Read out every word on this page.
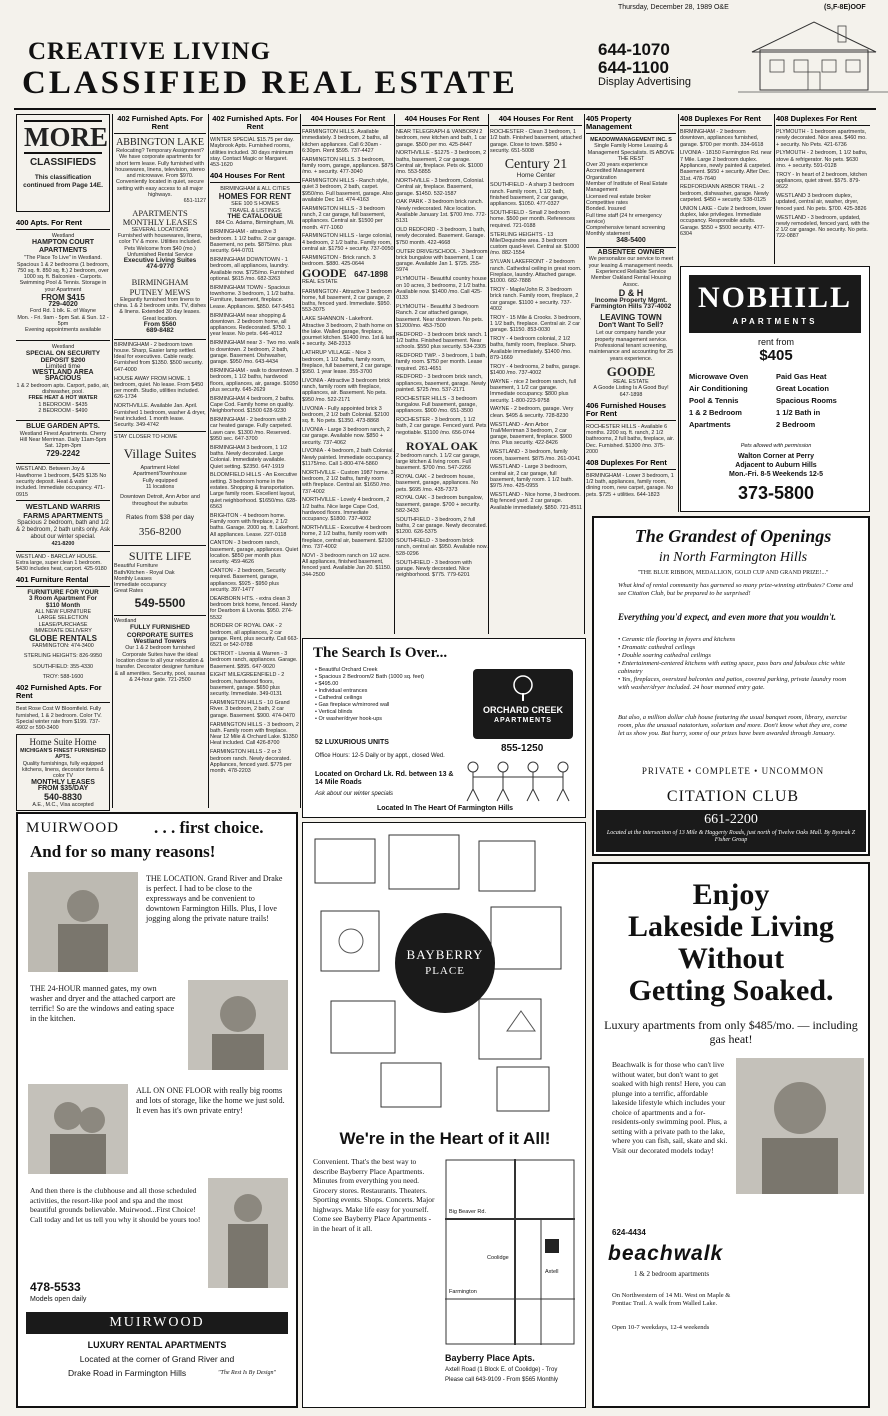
Thursday, December 28, 1989 O&E	(S,F-8E)OOF
CREATIVE LIVING
CLASSIFIED REAL ESTATE
644-1070
644-1100
Display Advertising
MORE
CLASSIFIEDS
This classification continued from Page 14E.
400 Apts. For Rent
Westland
HAMPTON COURT APARTMENTS
"The Place To Live" in Westland. Spacious 1 & 2 bedrooms (1 bedroom, 750 sq. ft. 850 sq. ft.) 2 bedroom, over 1000 sq. ft. Balconies - Carports. Swimming Pool & Tennis. Storage in your Apartment
FROM $415
729-4020
Ford Rd. 1 blk. E. of Wayne
Mon. - Fri. 9am - 5pm Sat. & Sun. 12 - 5pm
Evening appointments available
Westland
SPECIAL ON SECURITY DEPOSIT $200
Limited time
WESTLAND AREA
SPACIOUS
1 & 2 bedroom apts. Carport, patio, air, dishwasher, pool.
FREE HEAT & HOT WATER
1 BEDROOM - $435
2 BEDROOM - $490
BLUE GARDEN APTS.
Westland Finest Apartments. Cherry Hill Near Merriman. Daily 11am-5pm Sat. 12pm-3pm
729-2242

WESTLAND. Between Joy & Hawthorne 1 bedroom, $425 $135 No security deposit. Heat & water included. Immediate occupancy. 471-0915

WESTLAND WARRIS FARMS APARTMENTS
Spacious 2 bedroom, bath and 1/2 & 2 bedroom, 2 bath units only. Ask about our winter special.
421-8200

WESTLAND - BARCLAY HOUSE. Extra large, super clean 1 bedroom. $430 includes heat, carport. 425-9180

401 Furniture Rental
FURNITURE FOR YOUR
3 Room Apartment For
$110 Month
ALL NEW FURNITURE
LARGE SELECTION
LEASE/PURCHASE
IMMEDIATE DELIVERY
GLOBE RENTALS
FARMINGTON: 474-3400
STERLING HEIGHTS: 826-9950
SOUTHFIELD: 355-4330
TROY: 588-1600
402 Furnished Apts. For Rent

Best Rose Cost W Bloomfield. Fully furnished, 1 & 2 bedroom. Color TV. Special winter rate from $199. 737-4902 or 590-3400

Home Suite Home
MICHIGAN'S FINEST FURNISHED APTS.
Quality furnishings, fully equipped kitchens, linens, decorator items & color TV
MONTHLY LEASES
FROM $35/DAY
540-8830
A.E., M.C., Visa accepted
402 Furnished Apts. For Rent
ABBINGTON LAKE
Relocating? Temporary Assignment? We have corporate apartments for short term lease. Fully furnished with housewares, linens, television, stereo and microwave. From $970. Conveniently located in quiet, secure setting with easy access to all major highways.
651-1127
APARTMENTS MONTHLY LEASES
SEVERAL LOCATIONS
Furnished with housewares, linens, color TV & more. Utilities included. Pets Welcome from $40 (mo.)
Unfurnished Rental Service
Executive Living Suites
474-9770
BIRMINGHAM PUTNEY MEWS
Elegantly furnished from linens to china. 1 & 2 bedroom units. TV, dishes & linens. Extended 30 day leases. Great location.
From $560
689-8482

BIRMINGHAM - 2 bedroom town house. Sharp, Easier lamp settled. Ideal for executives. Cable ready. Furnished from $1350. $500 security. 647-4000

HOUSE AWAY FROM HOME. 1 bedroom, quiet. No lease. From $450 per month. Studio, utilities included. 626-1734

NORTHVILLE. Available Jan. April. Furnished 1 bedroom, washer & dryer, heat included. 1 month lease. Security. 349-4742

STAY CLOSER TO HOME
Village Suites
Apartment Hotel
Apartment/Townhouse
Fully equipped
11 locations
Downtown Detroit, Ann Arbor and throughout the suburbs
Rates from $38 per day
356-8200
SUITE LIFE
Beautiful Furniture
Bath/Kitchen - Royal Oak
Monthly Leases
Immediate occupancy
Great Rates
549-5500
Westland
FULLY FURNISHED CORPORATE SUITES
Westland Towers
Our 1 & 2 bedroom furnished Corporate Suites have the ideal location close to all your relocation & transfer. Decorator designer furniture & all amenities. Security, pool, saunas & 24-hour gate. 721-2500
402 Furnished Apts. For Rent

WINTER SPECIAL $15.75 per day. Maybrook Apts. Furnished rooms, utilities included. 30 days minimum stay. Contact Magic or Margaret. 453-1620

404 Houses For Rent
BIRMINGHAM & ALL CITIES
HOMES FOR RENT
SEE 100 S HOMES
TRAVEL & LISTINGS
THE CATALOGUE
884 Co. Adams, Birmingham, Mi.

BIRMINGHAM - attractive 3 bedroom. 1 1/2 baths. 2 car garage. Basement, no pets. $875/mo. plus security. 644-0701

BIRMINGHAM DOWNTOWN - 1 bedroom, all appliances, laundry. Available now. $725/mo. Furnished optional. $615 /mo. 682-3263

BIRMINGHAM TOWN - Spacious townhome. 3 bedroom, 1 1/2 baths. Furniture, basement, fireplace. Lease. Appliances. $850. 647-5451

BIRMINGHAM near shopping & downtown. 2 bedroom home, all appliances. Redecorated. $750. 1 year lease. No pets. 646-4012

BIRMINGHAM near 3 - Two mo. walk to downtown. 2 bedroom, 2 bath, garage. Basement. Dishwasher, garage. $950 /mo. 643-4434

BIRMINGHAM - walk to downtown. 3 bedroom, 1 1/2 baths, hardwood floors, appliances, air, garage. $1050 plus security. 645-2629

BIRMINGHAM 4 bedroom, 2 baths. Cape Cod. Family home on quality. Neighborhood. $1500 628-9230

BIRMINGHAM - 2 bedroom with 2 car heated garage. Fully carpeted. Lawn care. $1300 /mo. Reserved. $950 sec. 647-3700

BIRMINGHAM 3 bedroom, 1 1/2 baths. Newly decorated. Large Colonial. Immediately available. Quiet setting. $2350. 647-1919

BLOOMFIELD HILLS - An Executive setting. 3 bedroom home in the estates. Shopping & transportation. Large family room. Excellent layout, quiet neighborhood. $1650/mo. 628-6563

BRIGHTON - 4 bedroom home. Family room with fireplace, 2 1/2 baths. Garage. 2000 sq. ft. Lakefront. All appliances. Lease. 227-0118

CANTON - 3 bedroom ranch, basement, garage, appliances. Quiet location. $850 per month plus security. 459-4626

CANTON - 2 bedroom, Security required. Basement, garage, appliances. $925 - $950 plus security. 397-1477

DEARBORN HTS. - extra clean 3 bedroom brick home, fenced. Handy for Dearborn & Livonia. $950. 274-5532

BORDER OF ROYAL OAK - 2 bedroom, all appliances, 2 car garage. Rent, plus security. Call 663-6521 or 542-0788

DETROIT - Livonia & Warren - 3 bedroom ranch, appliances. Garage. Basement. $895. 647-9020

EIGHT MILE/GREENFIELD - 2 bedroom, hardwood floors, basement, garage. $650 plus security. Immediate. 349-0131

FARMINGTON HILLS - 10 Grand River. 3 bedroom, 2 bath, 2 car garage. Basement. $900. 474-0470

FARMINGTON HILLS - 3 bedroom, 2 bath. Family room with fireplace. Near 12 Mile & Orchard Lake. $1350 Heat included. Call 426-8700

FARMINGTON HILLS - 2 or 3 bedroom ranch. Newly decorated. Appliances, fenced yard. $775 per month. 478-2203

404 Houses For Rent

FARMINGTON HILLS. Available immediately. 3 bedroom, 2 baths, all kitchen appliances. Call 6:30am - 6:30pm. Rent $595. 737-4427

FARMINGTON HILLS. 3 bedroom, family room, garage, appliances. $875 /mo. + security. 477-3040

FARMINGTON HILLS - Ranch style, quiet 3 bedroom, 2 bath, carpet. $950/mo. Full basement, garage. Also available Dec 1st. 474-4163

FARMINGTON HILLS - 3 bedroom ranch, 2 car garage, full basement, appliances. Central air. $1500 per month. 477-1060

FARMINGTON HILLS - large colonial, 4 bedroom, 2 1/2 baths. Family room, central air. $1750 + security. 737-0050

FARMINGTON - Brick ranch. 3 bedroom. $880. 425-0644

GOODE 647-1898
REAL ESTATE

FARMINGTON - Attractive 3 bedroom home, full basement, 2 car garage, 2 baths, fenced yard. Immediate. $950. 553-3075

LAKE SHANNON - Lakefront. Attractive 3 bedroom, 2 bath home on the lake. Walled garage, fireplace, gourmet kitchen. $1400 /mo. 1st & last + security. 348-2313

LATHRUP VILLAGE - Nice 3 bedroom, 1 1/2 baths, family room, fireplace, full basement, 2 car garage. $950. 1 year lease. 355-3700

LIVONIA - Attractive 3 bedroom brick ranch, family room with fireplace, appliances, air. Basement. No pets. $950 /mo. 522-2171

LIVONIA - Fully appointed brick 3 bedroom, 2 1/2 bath Colonial. $2100 sq. ft. No pets. $1350. 473-8868

LIVONIA - Large 3 bedroom ranch, 2 car garage. Available now. $850 + security. 737-4062

LIVONIA - 4 bedroom, 2 bath Colonial. Newly painted. Immediate occupancy. $1175/mo. Call 1-800-474-5860

NORTHVILLE - Custom 1987 home. 3 bedroom, 2 1/2 baths, family room with fireplace. Central air. $1650 /mo. 737-4002

NORTHVILLE - Lovely 4 bedroom, 2 1/2 baths. Nice large Cape Cod, hardwood floors. Immediate occupancy. $1800. 737-4002

NORTHVILLE - Executive 4 bedroom home, 2 1/2 baths, family room with fireplace, central air, basement. $2100 /mo. 737-4002

NOVI - 3 bedroom ranch on 1/2 acre. All appliances, finished basement, fenced yard. Available Jan 20. $1150. 344-2500

404 Houses For Rent

NEAR TELEGRAPH & VANBORN 2 bedroom, new kitchen and bath, 1 car garage. $500 per mo. 425-8447

NORTHVILLE - $1275 - 3 bedroom, 2 baths, basement, 2 car garage. Central air, fireplace. Pets ok. $1000 /mo. 553-5855

NORTHVILLE - 3 bedroom, Colonial. Central air, fireplace. Basement, garage. $1450. 532-1587

OAK PARK - 3 bedroom brick ranch. Newly redecorated. Nice location. Available January 1st. $700 /mo. 772-5131

OLD REDFORD - 3 bedroom, 1 bath, newly decorated. Basement. Garage. $750 month. 422-4668

OUTER DRIVE/SCHOOL - 3 bedroom brick bungalow with basement, 1 car garage. Available Jan 1. $725. 255-5974

PLYMOUTH - Beautiful country house on 10 acres, 3 bedrooms, 2 1/2 baths. Available now. $1400 /mo. Call 425-0133

PLYMOUTH - Beautiful 3 bedroom Ranch. 2 car attached garage, basement. Near downtown. No pets. $1200/mo. 453-7500

REDFORD - 3 bedroom brick ranch. 1 1/2 baths. Finished basement. Near schools. $550 plus security. 534-2305

REDFORD TWP. - 3 bedroom, 1 bath, family room. $750 per month. Lease required. 261-4651

REDFORD - 3 bedroom brick ranch, appliances, basement, garage. Newly painted. $725 /mo. 537-2171

ROCHESTER HILLS - 3 bedroom bungalow. Full basement, garage, appliances. $900 /mo. 651-3500

ROCHESTER - 3 bedroom, 1 1/2 bath, 2 car garage. Fenced yard. Pets negotiable. $1100 /mo. 656-0744

ROYAL OAK

2 bedroom ranch. 1 1/2 car garage, large kitchen & living room. Full basement. $700 /mo. 547-2266

ROYAL OAK - 2 bedroom house, basement, garage, appliances. No pets. $695 /mo. 435-7373

ROYAL OAK - 3 bedroom bungalow, basement, garage. $700 + security. 582-3433

SOUTHFIELD - 3 bedroom, 2 full baths, 2 car garage. Newly decorated. $1200. 626-5375

SOUTHFIELD - 3 bedroom brick ranch, central air. $950. Available now. 528-0296

SOUTHFIELD - 3 bedroom with garage. Newly decorated. Nice neighborhood. $775. 779-6201

404 Houses For Rent

ROCHESTER - Clean 3 bedroom, 1 1/2 bath. Finished basement, attached garage. Close to town. $850 + security. 651-5008

Century 21
Home Center

SOUTHFIELD - A sharp 3 bedroom ranch. Family room, 1 1/2 bath, finished basement, 2 car garage, appliances. $1050. 477-0327

SOUTHFIELD - Small 2 bedroom home. $500 per month. References required. 721-0188

STERLING HEIGHTS - 13 Mile/Dequindre area. 3 bedroom custom quad-level. Central air. $1000 /mo. 882-1554

SYLVAN LAKEFRONT - 2 bedroom ranch. Cathedral ceiling in great room. Fireplace, laundry. Attached garage. $1000. 682-7888

TROY - Maple/John R. 3 bedroom brick ranch. Family room, fireplace, 2 car garage. $1100 + security. 737-4002

TROY - 15 Mile & Crooks. 3 bedroom, 1 1/2 bath, fireplace. Central air. 2 car garage. $1150. 853-0030

TROY - 4 bedroom colonial, 2 1/2 baths, family room, fireplace. Sharp. Available immediately. $1400 /mo. 879-1669

TROY - 4 bedrooms, 2 baths, garage. $1400 /mo. 737-4002

WAYNE - nice 2 bedroom ranch, full basement, 1 1/2 car garage. Immediate occupancy. $800 plus security. 1-800-223-9758

WAYNE - 2 bedroom, garage. Very clean. $495 & security. 728-8230

WESTLAND - Ann Arbor Trail/Merriman 3 bedroom, 2 car garage, basement, fireplace. $900 /mo. Plus security. 422-8426

WESTLAND - 3 bedroom, family room, basement. $875 /mo. 261-0041

WESTLAND - Large 3 bedroom, central air, 2 car garage, full basement, family room. 1 1/2 bath. $975 /mo. 425-0955

WESTLAND - Nice home, 3 bedroom. Big fenced yard. 2 car garage. Available immediately. $850. 721-8511

405 Property Management
MEADOWMANAGEMENT INC. S
Single Family Home Leasing & Management Specialists. IS ABOVE THE REST
Over 20 years experience
Accredited Management Organization
Member of Institute of Real Estate Management
Licensed real estate broker
Competitive rates
Bonded. Insured
Full time staff (24 hr emergency service)
Comprehensive tenant screening
Monthly statement
348-5400
ABSENTEE OWNER
We personalize our service to meet your leasing & management needs.
Experienced Reliable Service
Member Oakland Rental Housing Assoc.
D & H
Income Property Mgmt.
Farmington Hills 737-4002
LEAVING TOWN
Don't Want To Sell?
Let our company handle your property management service. Professional tenant screening, maintenance and accounting for 25 years experience.
GOODE
REAL ESTATE
A Goode Listing Is A Good Buy!
647-1898
406 Furnished Houses For Rent

ROCHESTER HILLS - Available 6 months. 2200 sq. ft. ranch, 2 1/2 bathrooms, 2 full baths, fireplace, air. Dec. Furnished. $1300 /mo. 375-2000

408 Duplexes For Rent

BIRMINGHAM - Lower 3 bedroom, 1 1/2 bath, appliances, family room, dining room, new carpet, garage. No pets. $725 + utilities. 644-1823

408 Duplexes For Rent

BIRMINGHAM - 2 bedroom downtown, appliances furnished, garage. $700 per month. 334-6618

LIVONIA - 18150 Farmington Rd. near 7 Mile. Large 2 bedroom duplex. Appliances, newly painted & carpeted. Basement. $650 + security. After Dec. 31st. 478-7640

REDFORD/ANN ARBOR TRAIL - 2 bedroom, dishwasher, garage. Newly carpeted. $450 + security. 538-0125

UNION LAKE - Cute 2 bedroom, lower duplex, lake privileges. Immediate occupancy. Responsible adults. Garage. $550 + $500 security. 477-6304

408 Duplexes For Rent

PLYMOUTH - 1 bedroom apartments, newly decorated. Nice area. $460 mo. + security. No Pets. 421-6736

PLYMOUTH - 2 bedroom, 1 1/2 baths, stove & refrigerator. No pets. $630 /mo. + security. 591-0128

TROY - In heart of 2 bedroom, kitchen appliances, quiet street. $575. 879-9622

WESTLAND 3 bedroom duplex, updated, central air, washer, dryer, fenced yard. No pets. $700. 425-3826

WESTLAND - 3 bedroom, updated, newly remodeled, fenced yard, with the 2 1/2 car garage. No security. No pets. 722-0887

NOBHILL
APARTMENTS
rent from
$405
Microwave Oven	Paid Gas Heat
Air Conditioning	Great Location
Pool & Tennis	Spacious Rooms
1 & 2 Bedroom	1 1/2 Bath in
Apartments	2 Bedroom
Pets allowed with permission
Walton Corner at Perry
Adjacent to Auburn Hills
Mon.-Fri. 8-5 Weekends 12-5
373-5800
The Search Is Over...
• Beautiful Orchard Creek
• Spacious 2 Bedroom/2 Bath (1000 sq. feet)
• $495.00
• Individual entrances
• Cathedral ceilings
• Gas fireplace w/mirrored wall
• Vertical blinds
• Or washer/dryer hook-ups
52 LUXURIOUS UNITS
Office Hours: 12-5 Daily or by appt., closed Wed.
Located on Orchard Lk. Rd. between 13 & 14 Mile Roads
Ask about our winter specials
ORCHARD CREEK
APARTMENTS
855-1250
Located In The Heart Of Farmington Hills
The Grandest of Openings
in North Farmington Hills
"THE BLUE RIBBON, MEDALLION, GOLD CUP AND GRAND PRIZE!..."
What kind of rental community has garnered so many prize-winning attributes? Come and see Citation Club, but be prepared to be surprised!
Everything you'd expect, and even more that you wouldn't.
• Ceramic tile flooring in foyers and kitchens
• Dramatic cathedral ceilings
• Double soaring cathedral ceilings
• Entertainment-centered kitchens with eating space, pass bars and fabulous chic white cabinetry
• Yes, fireplaces, oversized balconies and patios, covered parking, private laundry room with washer/dryer included. 24 hour manned entry gate.
But also, a million dollar club house featuring the usual banquet room, library, exercise room, plus the unusual natatorium, solarium and more. Don't know what they are, come let us show you. But hurry, some of our prizes have been awarded through January.
PRIVATE • COMPLETE • UNCOMMON
CITATION CLUB
661-2200
Located at the intersection of 13 Mile & Haggerty Roads, just north of Twelve Oaks Mall. By Bystrak Z Fisher Group
MUIRWOOD	. . . first choice.
And for so many reasons!
THE LOCATION. Grand River and Drake is perfect. I had to be close to the expressways and be convenient to downtown Farmington Hills. Plus, I love jogging along the private nature trails!
THE 24-HOUR manned gates, my own washer and dryer and the attached carport are terrific! So are the windows and eating space in the kitchen.
ALL ON ONE FLOOR with really big rooms and lots of storage, like the home we just sold. It even has it's own private entry!
And then there is the clubhouse and all those scheduled activities, the resort-like pool and spa and the most beautiful grounds believable. Muirwood...First Choice! Call today and let us tell you why it should be yours too!
478-5533
Models open daily
MUIRWOOD
LUXURY RENTAL APARTMENTS
Located at the corner of Grand River and
Drake Road in Farmington Hills	"The Rest Is By Design"
BAYBERRY
PLACE
We're in the Heart of it All!
Convenient. That's the best way to describe Bayberry Place Apartments. Minutes from everything you need. Grocery stores. Restaurants. Theaters. Sporting events. Shops. Concerts. Major highways. Make life easy for yourself. Come see Bayberry Place Apartments - in the heart of it all.
Big Beaver Rd.
Coolidge
Axtell
Farmington
Bayberry Place Apts.
Axtell Road (1 Block E. of Coolidge) - Troy
Please call 643-9109 - From $565 Monthly
Enjoy
Lakeside Living
Without
Getting Soaked.
Luxury apartments from only $485/mo. — including gas heat!
Beachwalk is for those who can't live without water, but don't want to get soaked with high rents! Here, you can plunge into a terrific, affordable lakeside lifestyle which includes your choice of apartments and a for-residents-only swimming pool. Plus, a setting with a private path to the lake, where you can fish, sail, skate and ski. Visit our decorated models today!
624-4434
beachwalk
1 & 2 bedroom apartments
On Northwestern of 14 Mi. West on Maple & Pontiac Trail. A walk from Walled Lake.
Open 10-7 weekdays, 12-4 weekends
